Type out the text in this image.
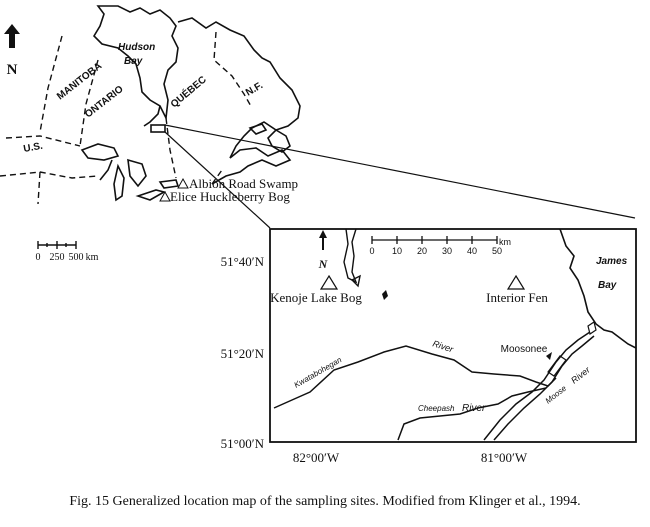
N
Hudson
Bay
MANITOBA
ONTARIO	QUÉBEC	N.F.
U.S.
Albion Road Swamp
Elice Huckleberry Bog
0 250 500 km	N
0 10 20 30 40 50
km
Kenoje Lake Bog	Interior Fen
Moosonee
James
Bay
Kwatabohegan
River
Cheepash River
Moose
River
51°40′N
51°20′N
51°00′N
82°00′W	81°00′W
Fig. 15 Generalized location map of the sampling sites. Modified from Klinger et al., 1994.
